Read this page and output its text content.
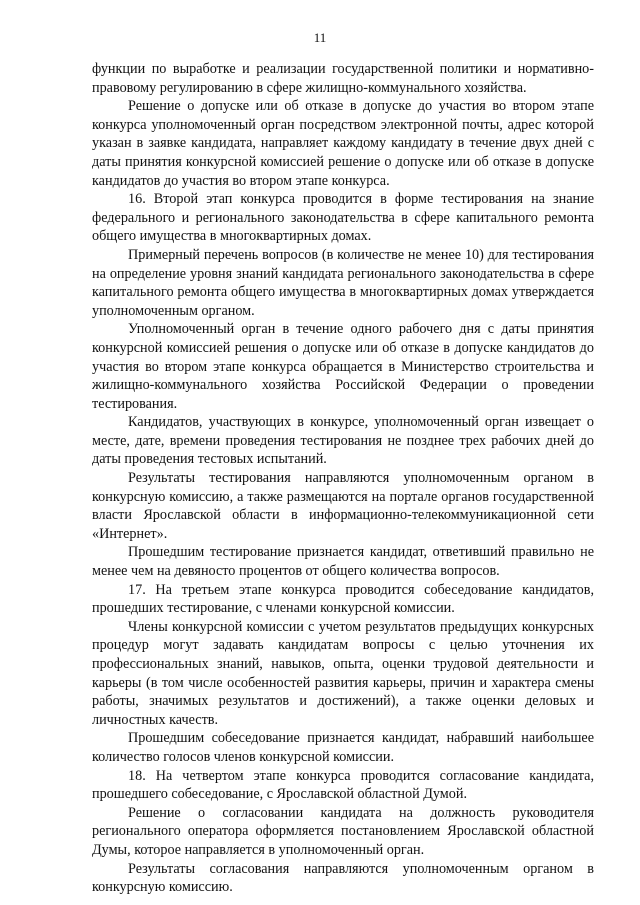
11

функции по выработке и реализации государственной политики и нормативно-правовому регулированию в сфере жилищно-коммунального хозяйства.

Решение о допуске или об отказе в допуске до участия во втором этапе конкурса уполномоченный орган посредством электронной почты, адрес которой указан в заявке кандидата, направляет каждому кандидату в течение двух дней с даты принятия конкурсной комиссией решение о допуске или об отказе в допуске кандидатов до участия во втором этапе конкурса.

16. Второй этап конкурса проводится в форме тестирования на знание федерального и регионального законодательства в сфере капитального ремонта общего имущества в многоквартирных домах.

Примерный перечень вопросов (в количестве не менее 10) для тестирования на определение уровня знаний кандидата регионального законодательства в сфере капитального ремонта общего имущества в многоквартирных домах утверждается уполномоченным органом.

Уполномоченный орган в течение одного рабочего дня с даты принятия конкурсной комиссией решения о допуске или об отказе в допуске кандидатов до участия во втором этапе конкурса обращается в Министерство строительства и жилищно-коммунального хозяйства Российской Федерации о проведении тестирования.

Кандидатов, участвующих в конкурсе, уполномоченный орган извещает о месте, дате, времени проведения тестирования не позднее трех рабочих дней до даты проведения тестовых испытаний.

Результаты тестирования направляются уполномоченным органом в конкурсную комиссию, а также размещаются на портале органов государственной власти Ярославской области в информационно-телекоммуникационной сети «Интернет».

Прошедшим тестирование признается кандидат, ответивший правильно не менее чем на девяносто процентов от общего количества вопросов.

17. На третьем этапе конкурса проводится собеседование кандидатов, прошедших тестирование, с членами конкурсной комиссии.

Члены конкурсной комиссии с учетом результатов предыдущих конкурсных процедур могут задавать кандидатам вопросы с целью уточнения их профессиональных знаний, навыков, опыта, оценки трудовой деятельности и карьеры (в том числе особенностей развития карьеры, причин и характера смены работы, значимых результатов и достижений), а также оценки деловых и личностных качеств.

Прошедшим собеседование признается кандидат, набравший наибольшее количество голосов членов конкурсной комиссии.

18. На четвертом этапе конкурса проводится согласование кандидата, прошедшего собеседование, с Ярославской областной Думой.

Решение о согласовании кандидата на должность руководителя регионального оператора оформляется постановлением Ярославской областной Думы, которое направляется в уполномоченный орган.

Результаты согласования направляются уполномоченным органом в конкурсную комиссию.
